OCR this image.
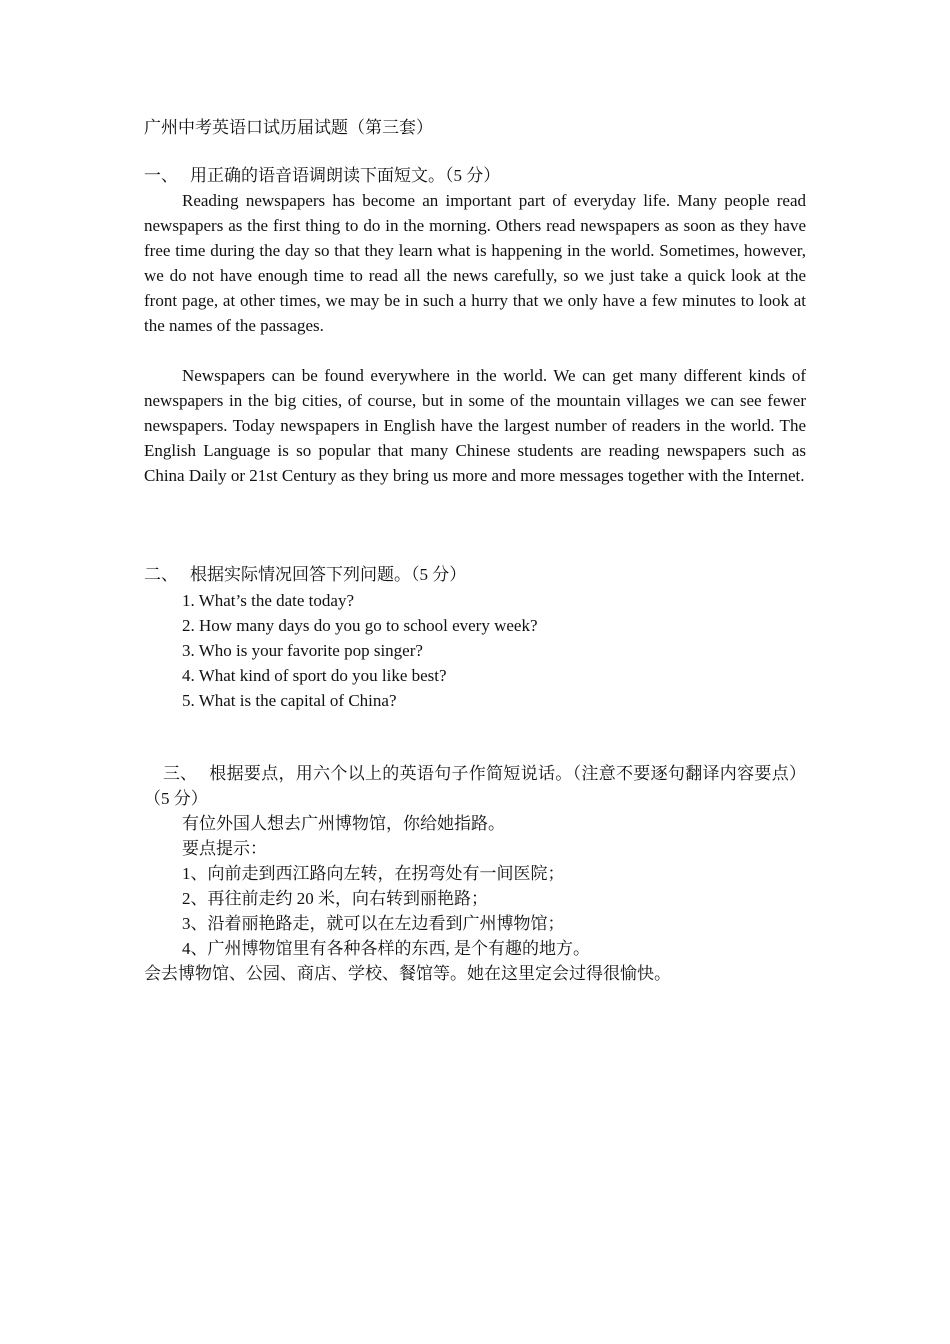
广州中考英语口试历届试题（第三套）
一、 用正确的语音语调朗读下面短文。（5 分）

Reading newspapers has become an important part of everyday life. Many people read newspapers as the first thing to do in the morning. Others read newspapers as soon as they have free time during the day so that they learn what is happening in the world. Sometimes, however, we do not have enough time to read all the news carefully, so we just take a quick look at the front page, at other times, we may be in such a hurry that we only have a few minutes to look at the names of the passages.

Newspapers can be found everywhere in the world. We can get many different kinds of newspapers in the big cities, of course, but in some of the mountain villages we can see fewer newspapers. Today newspapers in English have the largest number of readers in the world. The English Language is so popular that many Chinese students are reading newspapers such as China Daily or 21st Century as they bring us more and more messages together with the Internet.

二、 根据实际情况回答下列问题。（5 分）
1. What’s the date today?
2. How many days do you go to school every week?
3. Who is your favorite pop singer?
4. What kind of sport do you like best?
5. What is the capital of China?
三、 根据要点，用六个以上的英语句子作简短说话。（注意不要逐句翻译内容要点）（5 分）
有位外国人想去广州博物馆，你给她指路。
要点提示：
1、向前走到西江路向左转，在拐弯处有一间医院；
2、再往前走约 20 米，向右转到丽艳路；
3、沿着丽艳路走，就可以在左边看到广州博物馆；
4、广州博物馆里有各种各样的东西, 是个有趣的地方。
会去博物馆、公园、商店、学校、餐馆等。她在这里定会过得很愉快。
